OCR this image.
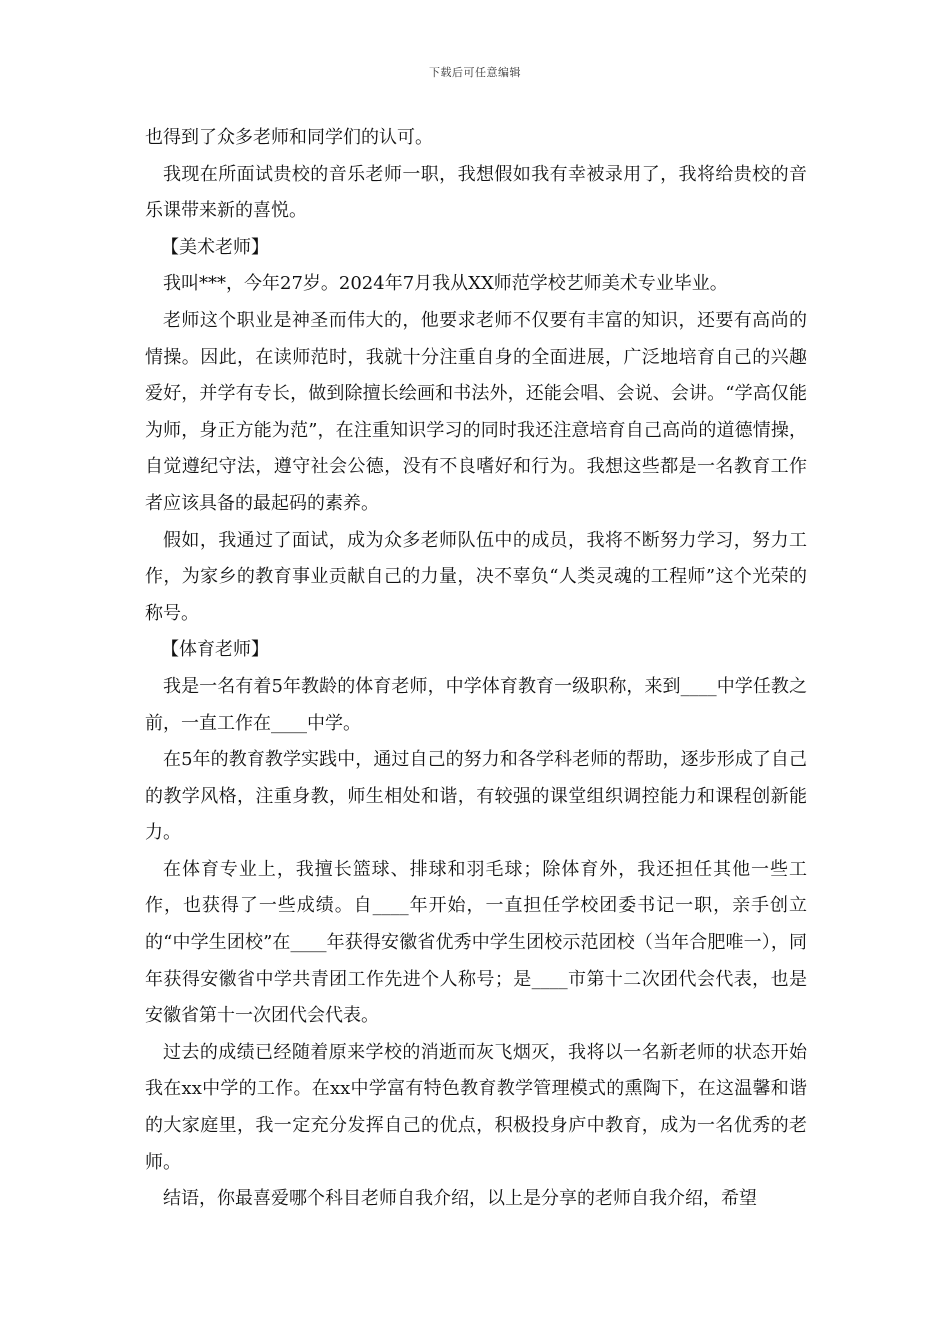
下载后可任意编辑

也得到了众多老师和同学们的认可。

我现在所面试贵校的音乐老师一职，我想假如我有幸被录用了，我将给贵校的音乐课带来新的喜悦。

【美术老师】

我叫***，今年27岁。2024年7月我从XX师范学校艺师美术专业毕业。

老师这个职业是神圣而伟大的，他要求老师不仅要有丰富的知识，还要有高尚的情操。因此，在读师范时，我就十分注重自身的全面进展，广泛地培育自己的兴趣爱好，并学有专长，做到除擅长绘画和书法外，还能会唱、会说、会讲。“学高仅能为师，身正方能为范”，在注重知识学习的同时我还注意培育自己高尚的道德情操，自觉遵纪守法，遵守社会公德，没有不良嗜好和行为。我想这些都是一名教育工作者应该具备的最起码的素养。

假如，我通过了面试，成为众多老师队伍中的成员，我将不断努力学习，努力工作，为家乡的教育事业贡献自己的力量，决不辜负“人类灵魂的工程师”这个光荣的称号。

【体育老师】

我是一名有着5年教龄的体育老师，中学体育教育一级职称，来到____中学任教之前，一直工作在____中学。

在5年的教育教学实践中，通过自己的努力和各学科老师的帮助，逐步形成了自己的教学风格，注重身教，师生相处和谐，有较强的课堂组织调控能力和课程创新能力。

在体育专业上，我擅长篮球、排球和羽毛球；除体育外，我还担任其他一些工作，也获得了一些成绩。自____年开始，一直担任学校团委书记一职，亲手创立的“中学生团校”在____年获得安徽省优秀中学生团校示范团校（当年合肥唯一），同年获得安徽省中学共青团工作先进个人称号；是____市第十二次团代会代表，也是安徽省第十一次团代会代表。

过去的成绩已经随着原来学校的消逝而灰飞烟灭，我将以一名新老师的状态开始我在xx中学的工作。在xx中学富有特色教育教学管理模式的熏陶下，在这温馨和谐的大家庭里，我一定充分发挥自己的优点，积极投身庐中教育，成为一名优秀的老师。

结语，你最喜爱哪个科目老师自我介绍，以上是分享的老师自我介绍，希望
